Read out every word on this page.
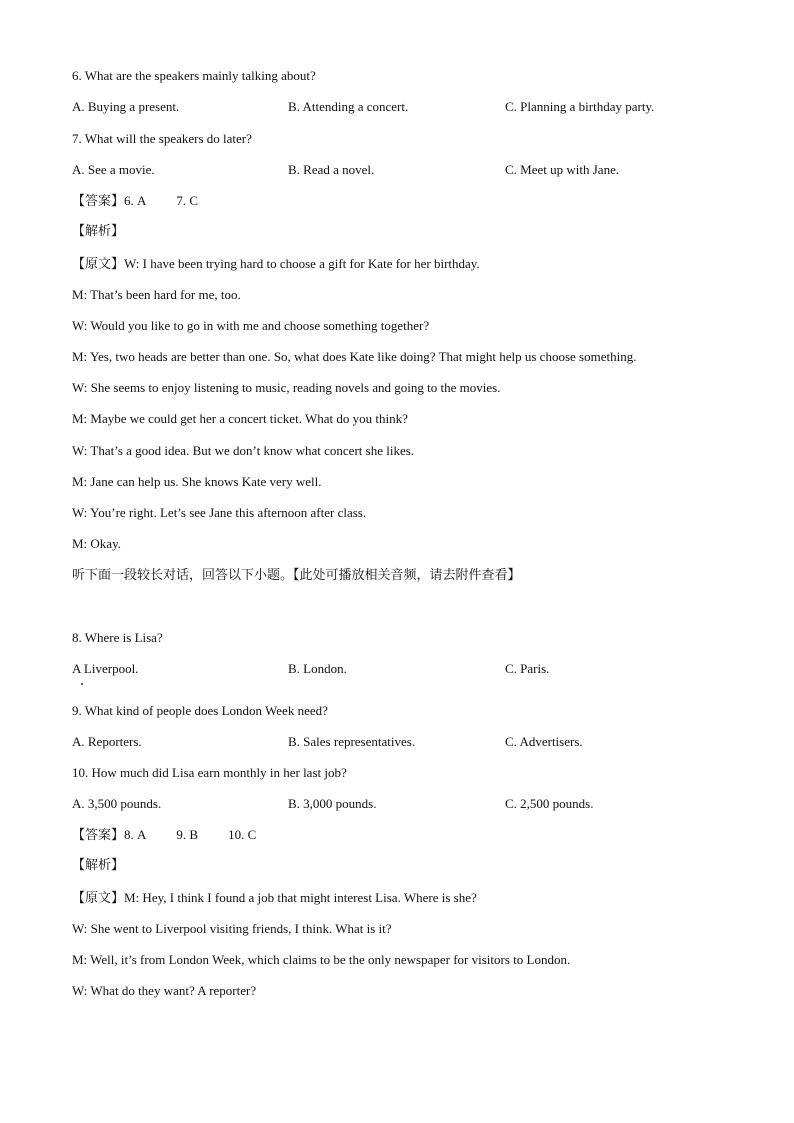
6. What are the speakers mainly talking about?
A. Buying a present.	B. Attending a concert.	C. Planning a birthday party.
7. What will the speakers do later?
A. See a movie.	B. Read a novel.	C. Meet up with Jane.
【答案】6. A 7. C
【解析】
【原文】W: I have been trying hard to choose a gift for Kate for her birthday.
M: That’s been hard for me, too.
W: Would you like to go in with me and choose something together?
M: Yes, two heads are better than one. So, what does Kate like doing? That might help us choose something.
W: She seems to enjoy listening to music, reading novels and going to the movies.
M: Maybe we could get her a concert ticket. What do you think?
W: That’s a good idea. But we don’t know what concert she likes.
M: Jane can help us. She knows Kate very well.
W: You’re right. Let’s see Jane this afternoon after class.
M: Okay.
听下面一段较长对话，回答以下小题。【此处可播放相关音频，请去附件查看】
8. Where is Lisa?
A Liverpool.	B. London.	C. Paris.
9. What kind of people does London Week need?
A. Reporters.	B. Sales representatives.	C. Advertisers.
10. How much did Lisa earn monthly in her last job?
A. 3,500 pounds.	B. 3,000 pounds.	C. 2,500 pounds.
【答案】8. A 9. B 10. C
【解析】
【原文】M: Hey, I think I found a job that might interest Lisa. Where is she?
W: She went to Liverpool visiting friends, I think. What is it?
M: Well, it’s from London Week, which claims to be the only newspaper for visitors to London.
W: What do they want? A reporter?
